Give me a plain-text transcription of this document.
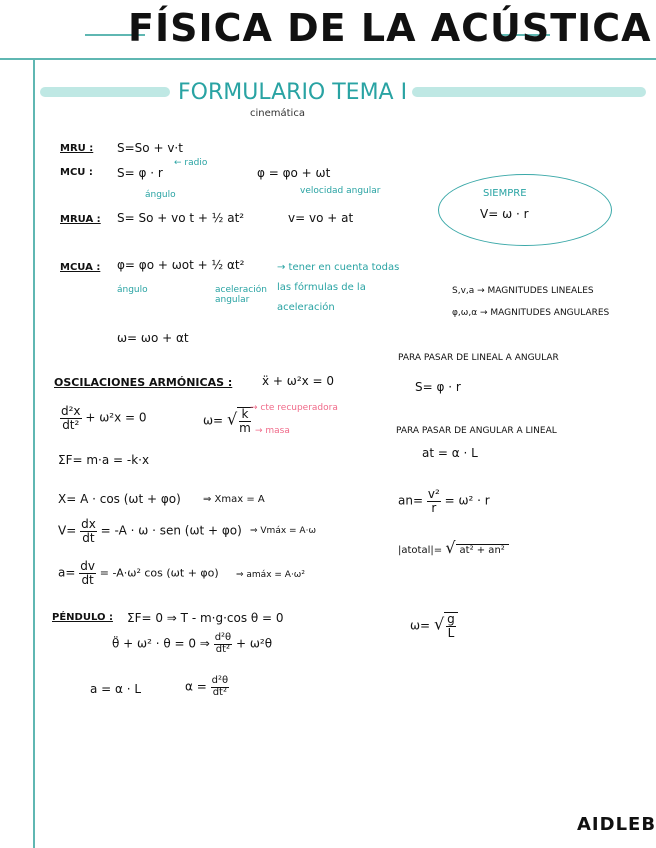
FÍSICA DE LA ACÚSTICA
FORMULARIO TEMA I
cinemática
MRU : S=So + v·t
MCU : S= φ · r
← radio
ángulo
φ = φo + ωt
velocidad angular	SIEMPRE
V= ω · r
MRUA : S= So + vo t + ½ at²	v= vo + at
MCUA : φ= φo + ωot + ½ αt²
ángulo	aceleración angular
→ tener en cuenta todas las fórmulas de la aceleración
ω= ωo + αt
S,v,a → MAGNITUDES LINEALES
φ,ω,α → MAGNITUDES ANGULARES
OSCILACIONES ARMÓNICAS : ẍ + ω²x = 0
$\frac{\text{d²x}}{\text{dt²}} + \omega^2x = 0$	ω= √ $\frac{k}{m}$ → cte recuperadora
→ masa
ΣF= m·a = -k·x
X= A · cos (ωt + φo) ⇒ Xmax = A
$V= \frac{dx}{dt} = -A \cdot \omega$ · sen (ωt + φo) ⇒ Vmáx = A·ω
$a= \frac{dv}{dt} = -A\cdot\omega^2$ cos (ωt + φo) ⇒ amáx = A·ω²
PARA PASAR DE LINEAL A ANGULAR
S= φ · r
PARA PASAR DE ANGULAR A LINEAL
at = α · L
$an= \frac{\text{v²}}{r} = \omega^2 \cdot r$
|atotal|= √ at² + an²
PÉNDULO : ΣF= 0 ⇒ T - m·g·cos θ = 0
θ̈ + ω² · θ = 0 ⇒ $\frac{\text{d²θ}}{\text{dt²}} + \omega^2\theta$
ω= √ $\frac{g}{L}$
a = α · L	$\alpha = \frac{\text{d²θ}}{\text{dt²}}$
AIDLEB
